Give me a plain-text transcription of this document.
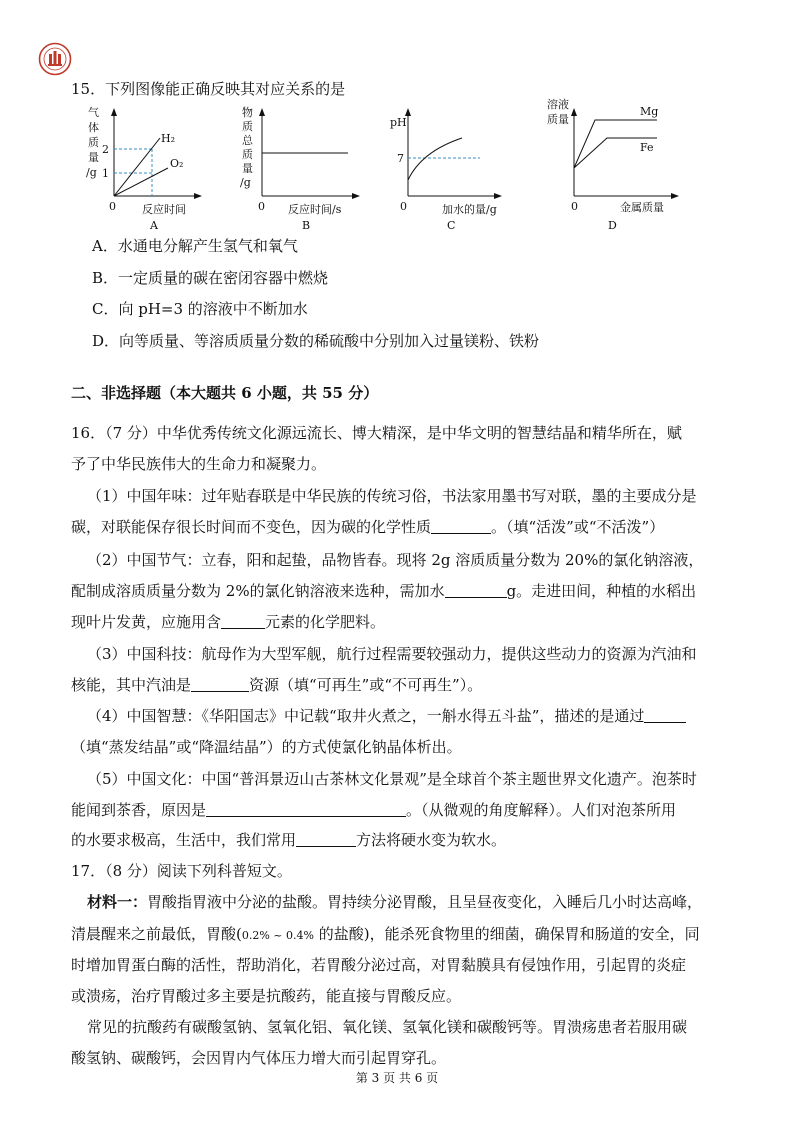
15．下列图像能正确反映其对应关系的是
气
体
质
量
/g
2
1
H₂
O₂
0 反应时间
A
物
质
总
质
量
/g
0 反应时间/s
B
pH
7
0	加水的量/g
C
溶液
质量
Mg
Fe
0	金属质量
D
A．水通电分解产生氢气和氧气
B．一定质量的碳在密闭容器中燃烧
C．向 pH=3 的溶液中不断加水
D．向等质量、等溶质质量分数的稀硫酸中分别加入过量镁粉、铁粉
二、非选择题（本大题共 6 小题，共 55 分）
16．（7 分）中华优秀传统文化源远流长、博大精深，是中华文明的智慧结晶和精华所在，赋
予了中华民族伟大的生命力和凝聚力。
（1）中国年味：过年贴春联是中华民族的传统习俗，书法家用墨书写对联，墨的主要成分是
碳，对联能保存很长时间而不变色，因为碳的化学性质	。（填“活泼”或“不活泼”）
（2）中国节气：立春，阳和起蛰，品物皆春。现将 2g 溶质质量分数为 20%的氯化钠溶液，
配制成溶质质量分数为 2%的氯化钠溶液来选种，需加水	g。走进田间，种植的水稻出
现叶片发黄，应施用含	元素的化学肥料。
（3）中国科技：航母作为大型军舰，航行过程需要较强动力，提供这些动力的资源为汽油和
核能，其中汽油是	资源（填“可再生”或“不可再生”）。
（4）中国智慧：《华阳国志》中记载“取井火煮之，一斛水得五斗盐”，描述的是通过
（填“蒸发结晶”或“降温结晶”）的方式使氯化钠晶体析出。
（5）中国文化：中国“普洱景迈山古茶林文化景观”是全球首个茶主题世界文化遗产。泡茶时
能闻到茶香，原因是	。（从微观的角度解释）。人们对泡茶所用
的水要求极高，生活中，我们常用	方法将硬水变为软水。
17．（8 分）阅读下列科普短文。
材料一：胃酸指胃液中分泌的盐酸。胃持续分泌胃酸，且呈昼夜变化，入睡后几小时达高峰，
清晨醒来之前最低，胃酸(0.2% ~ 0.4% 的盐酸)，能杀死食物里的细菌，确保胃和肠道的安全，同
时增加胃蛋白酶的活性，帮助消化，若胃酸分泌过高，对胃黏膜具有侵蚀作用，引起胃的炎症
或溃疡，治疗胃酸过多主要是抗酸药，能直接与胃酸反应。
常见的抗酸药有碳酸氢钠、氢氧化铝、氧化镁、氢氧化镁和碳酸钙等。胃溃疡患者若服用碳
酸氢钠、碳酸钙，会因胃内气体压力增大而引起胃穿孔。
第 3 页 共 6 页
